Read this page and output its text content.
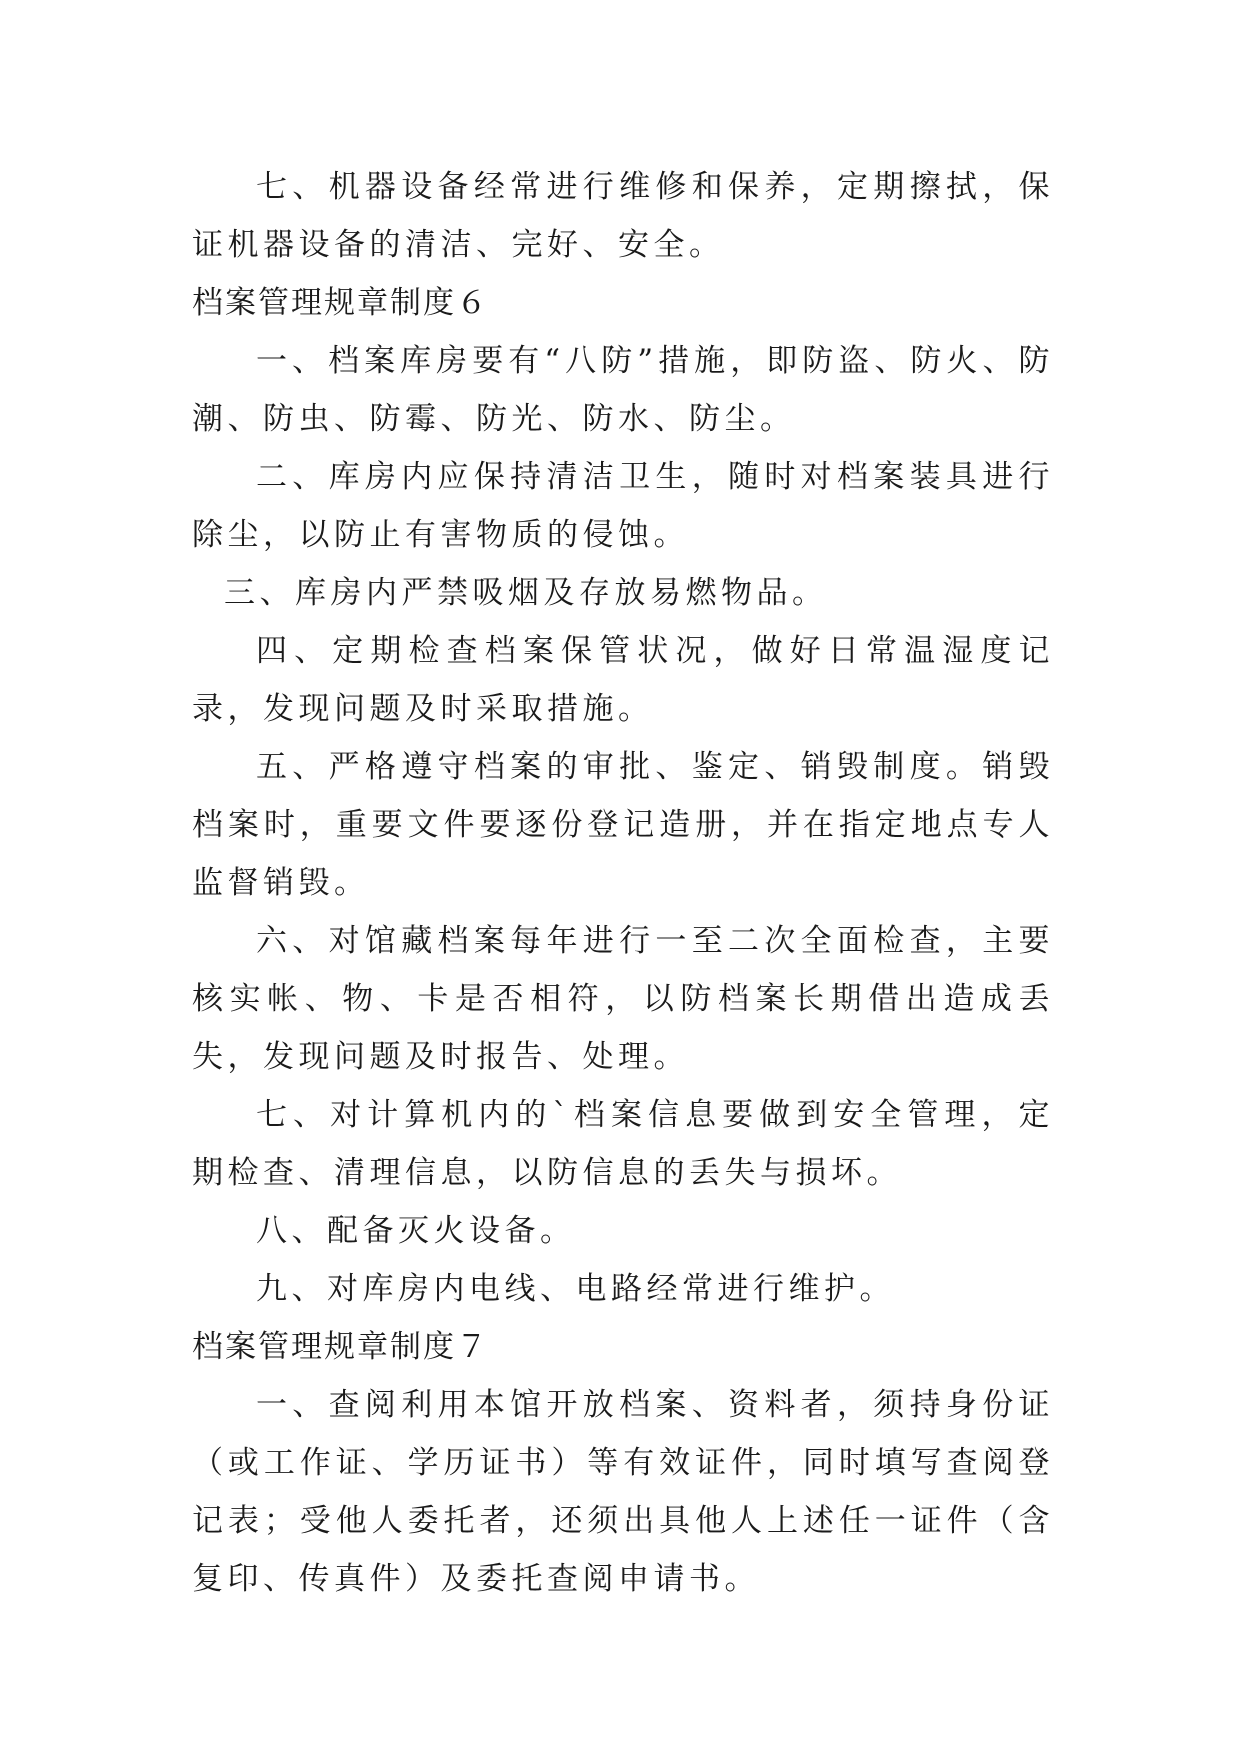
七、机器设备经常进行维修和保养，定期擦拭，保证机器设备的清洁、完好、安全。

档案管理规章制度６

一、档案库房要有“八防”措施，即防盗、防火、防潮、防虫、防霉、防光、防水、防尘。

二、库房内应保持清洁卫生，随时对档案装具进行除尘，以防止有害物质的侵蚀。

三、库房内严禁吸烟及存放易燃物品。

四、定期检查档案保管状况，做好日常温湿度记录，发现问题及时采取措施。

五、严格遵守档案的审批、鉴定、销毁制度。销毁档案时，重要文件要逐份登记造册，并在指定地点专人监督销毁。

六、对馆藏档案每年进行一至二次全面检查，主要核实帐、物、卡是否相符，以防档案长期借出造成丢失，发现问题及时报告、处理。

七、对计算机内的`档案信息要做到安全管理，定期检查、清理信息，以防信息的丢失与损坏。

八、配备灭火设备。

九、对库房内电线、电路经常进行维护。

档案管理规章制度７

一、查阅利用本馆开放档案、资料者，须持身份证（或工作证、学历证书）等有效证件，同时填写查阅登记表；受他人委托者，还须出具他人上述任一证件（含复印、传真件）及委托查阅申请书。
